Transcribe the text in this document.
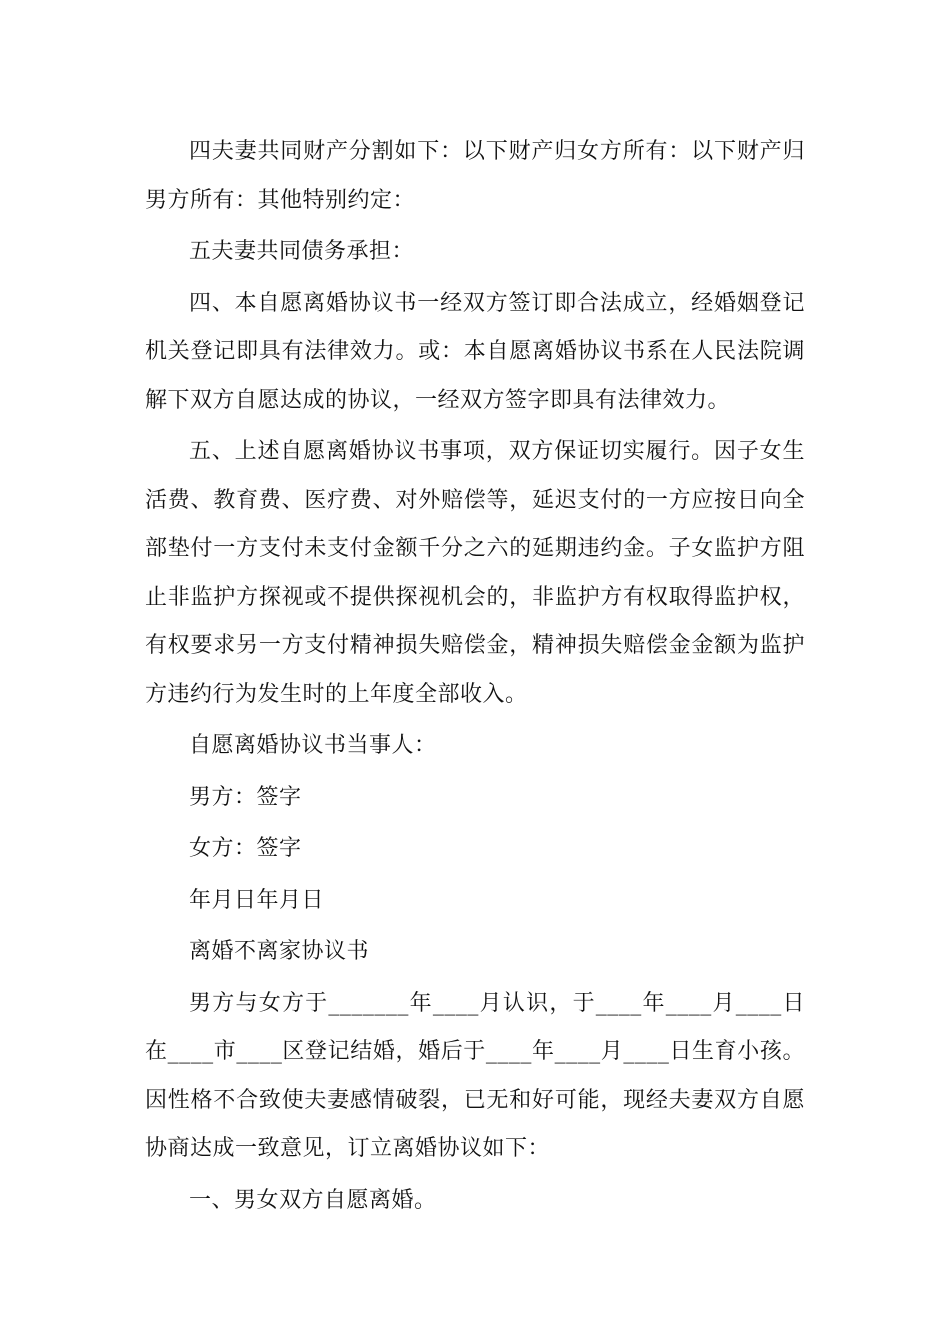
四夫妻共同财产分割如下：以下财产归女方所有：以下财产归男方所有：其他特别约定：

五夫妻共同债务承担：

四、本自愿离婚协议书一经双方签订即合法成立，经婚姻登记机关登记即具有法律效力。或：本自愿离婚协议书系在人民法院调解下双方自愿达成的协议，一经双方签字即具有法律效力。

五、上述自愿离婚协议书事项，双方保证切实履行。因子女生活费、教育费、医疗费、对外赔偿等，延迟支付的一方应按日向全部垫付一方支付未支付金额千分之六的延期违约金。子女监护方阻止非监护方探视或不提供探视机会的，非监护方有权取得监护权，有权要求另一方支付精神损失赔偿金，精神损失赔偿金金额为监护方违约行为发生时的上年度全部收入。

自愿离婚协议书当事人：

男方：签字

女方：签字

年月日年月日

离婚不离家协议书

男方与女方于_______年____月认识，于____年____月____日在____市____区登记结婚，婚后于____年____月____日生育小孩。因性格不合致使夫妻感情破裂，已无和好可能，现经夫妻双方自愿协商达成一致意见，订立离婚协议如下：

一、男女双方自愿离婚。
